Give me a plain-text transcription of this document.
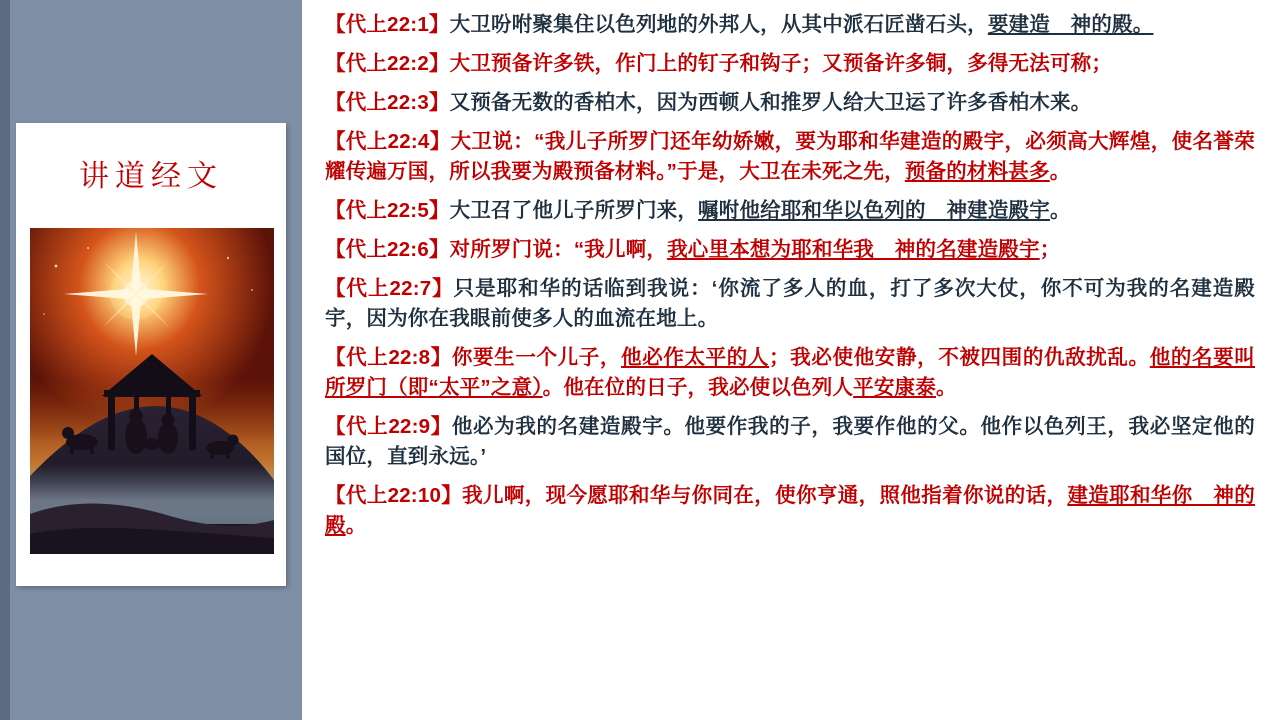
讲道经文
【代上22:1】大卫吩咐聚集住以色列地的外邦人，从其中派石匠凿石头，要建造　神的殿。
【代上22:2】大卫预备许多铁，作门上的钉子和钩子；又预备许多铜，多得无法可称；
【代上22:3】又预备无数的香柏木，因为西顿人和推罗人给大卫运了许多香柏木来。
【代上22:4】大卫说：“我儿子所罗门还年幼娇嫩，要为耶和华建造的殿宇，必须高大辉煌，使名誉荣耀传遍万国，所以我要为殿预备材料。”于是，大卫在未死之先，预备的材料甚多。
【代上22:5】大卫召了他儿子所罗门来，嘱咐他给耶和华以色列的　神建造殿宇。
【代上22:6】对所罗门说：“我儿啊，我心里本想为耶和华我　神的名建造殿宇；
【代上22:7】只是耶和华的话临到我说：‘你流了多人的血，打了多次大仗，你不可为我的名建造殿宇，因为你在我眼前使多人的血流在地上。
【代上22:8】你要生一个儿子，他必作太平的人；我必使他安静，不被四围的仇敌扰乱。他的名要叫所罗门（即“太平”之意）。他在位的日子，我必使以色列人平安康泰。
【代上22:9】他必为我的名建造殿宇。他要作我的子，我要作他的父。他作以色列王，我必坚定他的国位，直到永远。’
【代上22:10】我儿啊，现今愿耶和华与你同在，使你亨通，照他指着你说的话，建造耶和华你　神的殿。
